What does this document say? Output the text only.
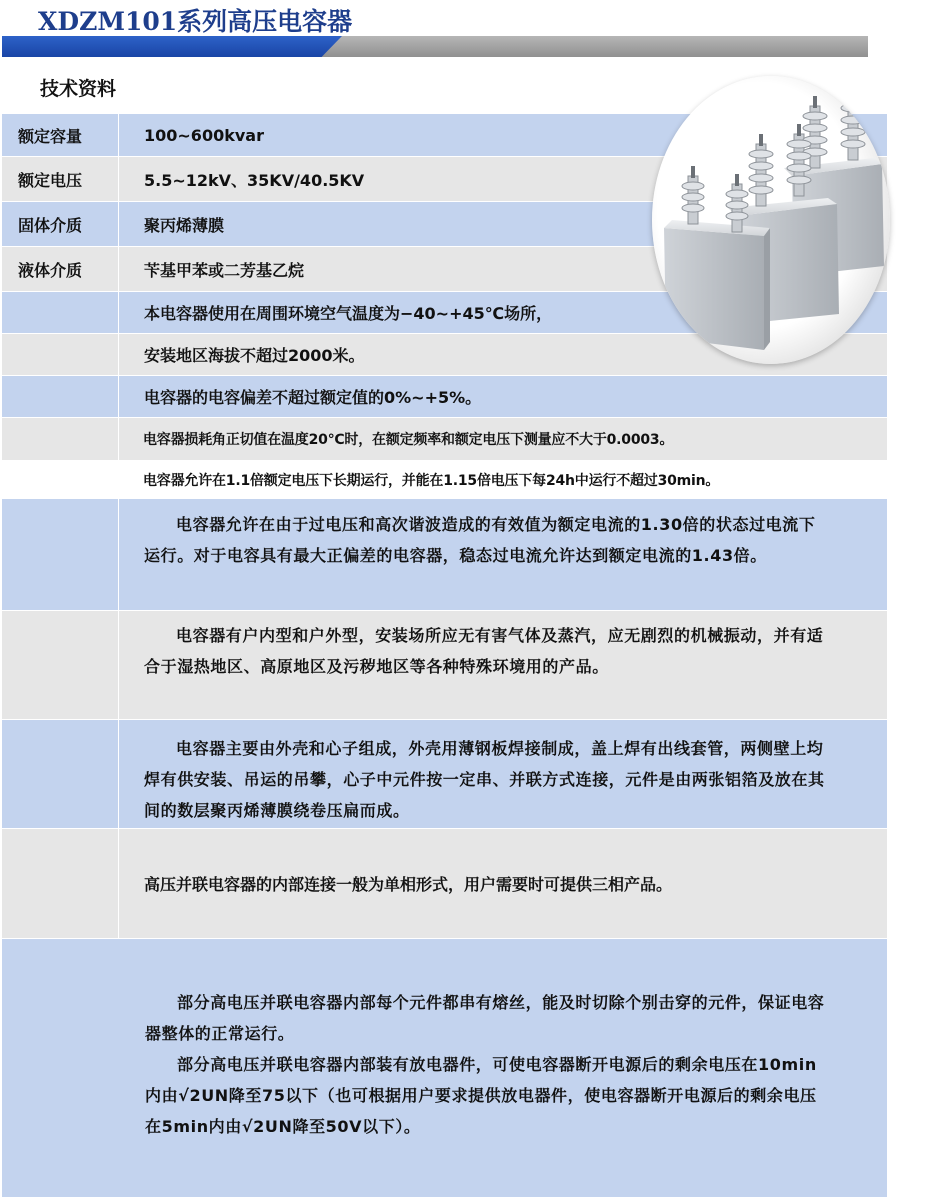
XDZM101系列高压电容器
技术资料
额定容量	100~600kvar
额定电压	5.5~12kV、35KV/40.5KV
固体介质	聚丙烯薄膜
液体介质	苄基甲苯或二芳基乙烷
本电容器使用在周围环境空气温度为−40~+45℃场所，
安装地区海拔不超过2000米。
电容器的电容偏差不超过额定值的0%~+5%。
电容器损耗角正切值在温度20℃时，在额定频率和额定电压下测量应不大于0.0003。
电容器允许在1.1倍额定电压下长期运行，并能在1.15倍电压下每24h中运行不超过30min。

电容器允许在由于过电压和高次谐波造成的有效值为额定电流的1.30倍的状态过电流下运行。对于电容具有最大正偏差的电容器，稳态过电流允许达到额定电流的1.43倍。

电容器有户内型和户外型，安装场所应无有害气体及蒸汽，应无剧烈的机械振动，并有适合于湿热地区、高原地区及污秽地区等各种特殊环境用的产品。

电容器主要由外壳和心子组成，外壳用薄钢板焊接制成，盖上焊有出线套管，两侧壁上均焊有供安装、吊运的吊攀，心子中元件按一定串、并联方式连接，元件是由两张铝箔及放在其间的数层聚丙烯薄膜绕卷压扁而成。

高压并联电容器的内部连接一般为单相形式，用户需要时可提供三相产品。

部分高电压并联电容器内部每个元件都串有熔丝，能及时切除个别击穿的元件，保证电容器整体的正常运行。

部分高电压并联电容器内部装有放电器件，可使电容器断开电源后的剩余电压在10min内由√2UN降至75以下（也可根据用户要求提供放电器件，使电容器断开电源后的剩余电压在5min内由√2UN降至50V以下）。
